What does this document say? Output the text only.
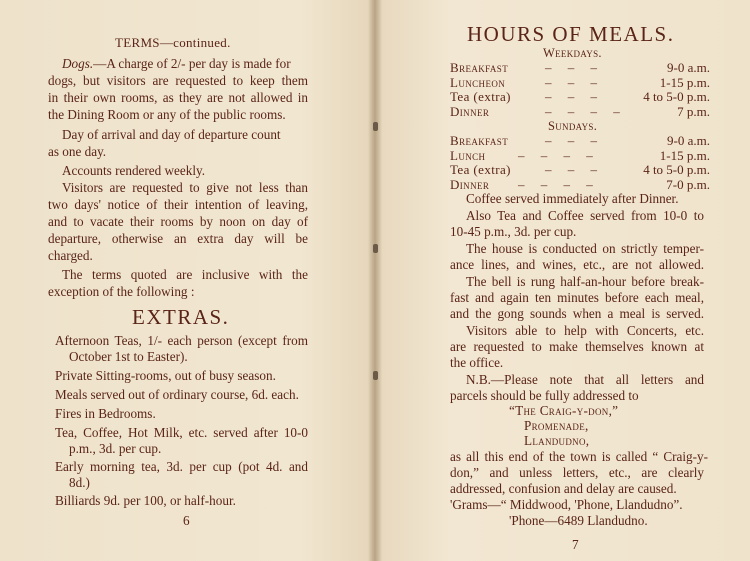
TERMS—continued.
Dogs.—A charge of 2/- per day is made for
dogs, but visitors are requested to keep them
in their own rooms, as they are not allowed in
the Dining Room or any of the public rooms.
Day of arrival and day of departure count
as one day.
Accounts rendered weekly.
Visitors are requested to give not less than
two days' notice of their intention of leaving,
and to vacate their rooms by noon on day of
departure, otherwise an extra day will be
charged.
The terms quoted are inclusive with the
exception of the following :
EXTRAS.
Afternoon Teas, 1/- each person (except from
October 1st to Easter).
Private Sitting-rooms, out of busy season.
Meals served out of ordinary course, 6d. each.
Fires in Bedrooms.
Tea, Coffee, Hot Milk, etc. served after 10-0
p.m., 3d. per cup.
Early morning tea, 3d. per cup (pot 4d. and
8d.)
Billiards 9d. per 100, or half-hour.
6
HOURS OF MEALS.
Weekdays.
Breakfast	–     –     –	9-0 a.m.
Luncheon	–     –     –	1-15 p.m.
Tea (extra)	–     –     –	4 to 5-0 p.m.
Dinner	–     –     –     –	7 p.m.
Sundays.
Breakfast	–     –     –	9-0 a.m.
Lunch	–     –     –     –	1-15 p.m.
Tea (extra)	–     –     –	4 to 5-0 p.m.
Dinner –     –     –     –	7-0 p.m.
Coffee served immediately after Dinner.
Also Tea and Coffee served from 10-0 to
10-45 p.m., 3d. per cup.
The house is conducted on strictly temper-
ance lines, and wines, etc., are not allowed.
The bell is rung half-an-hour before break-
fast and again ten minutes before each meal,
and the gong sounds when a meal is served.
Visitors able to help with Concerts, etc.
are requested to make themselves known at
the office.
N.B.—Please note that all letters and
parcels should be fully addressed to
“The Craig-y-don,”
Promenade,
Llandudno,
as all this end of the town is called “ Craig-y-
don,” and unless letters, etc., are clearly
addressed, confusion and delay are caused.
'Grams—“ Middwood, 'Phone, Llandudno”.
'Phone—6489 Llandudno.
7
